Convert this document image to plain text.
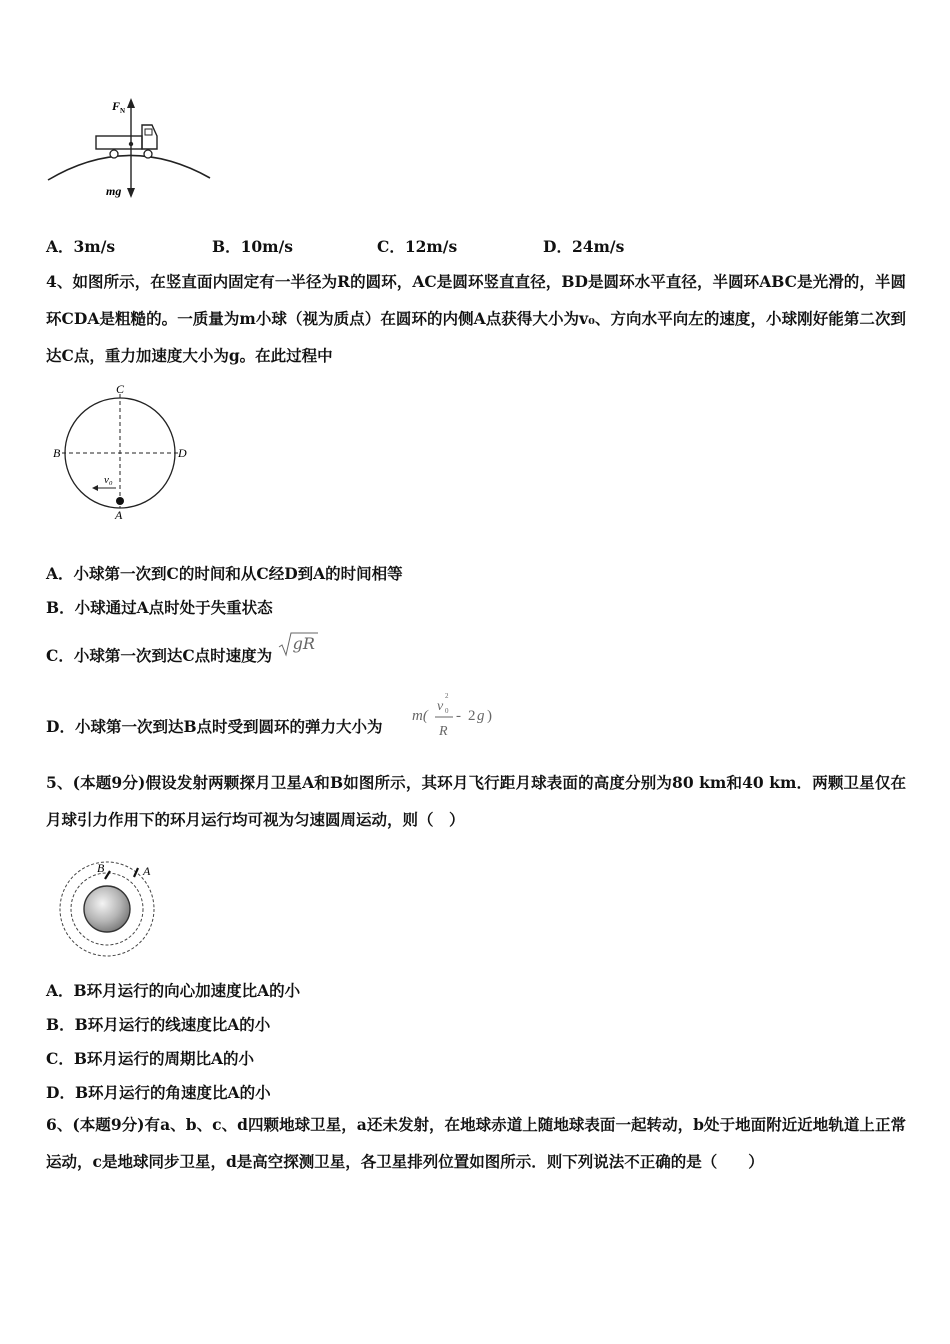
F N
mg
A．3m/s	B．10m/s	C．12m/s	D．24m/s
4、如图所示，在竖直面内固定有一半径为R的圆环，AC是圆环竖直直径，BD是圆环水平直径，半圆环ABC是光滑的，半圆环CDA是粗糙的。一质量为m小球（视为质点）在圆环的内侧A点获得大小为v₀、方向水平向左的速度，小球刚好能第二次到达C点，重力加速度大小为g。在此过程中
C
B	D
A
v₀
A．小球第一次到C的时间和从C经D到A的时间相等
B．小球通过A点时处于失重状态
C．小球第一次到达C点时速度为
gR
D．小球第一次到达B点时受到圆环的弹力大小为
m(
v
2
0
R
- 2 g )
5、(本题9分)假设发射两颗探月卫星A和B如图所示，其环月飞行距月球表面的高度分别为80 km和40 km．两颗卫星仅在月球引力作用下的环月运行均可视为匀速圆周运动，则（　）
B	A
A．B环月运行的向心加速度比A的小
B．B环月运行的线速度比A的小
C．B环月运行的周期比A的小
D．B环月运行的角速度比A的小
6、(本题9分)有a、b、c、d四颗地球卫星，a还未发射，在地球赤道上随地球表面一起转动，b处于地面附近近地轨道上正常运动，c是地球同步卫星，d是高空探测卫星，各卫星排列位置如图所示．则下列说法不正确的是（　　）
